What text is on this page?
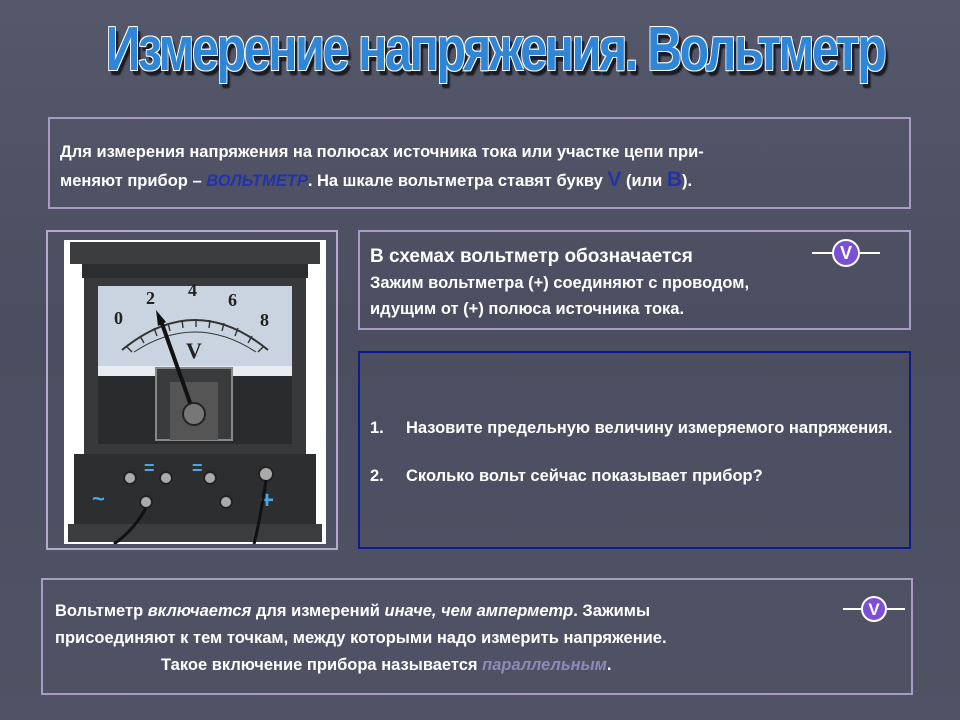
Измерение напряжения. Вольтметр
Для измерения напряжения на полюсах источника тока или участке цепи при-
меняют прибор – ВОЛЬТМЕТР. На шкале вольтметра ставят букву V (или В).
0
2 4 6
8
V
= =
~	+
В схемах вольтметр обозначается
Зажим вольтметра (+) соединяют с проводом,
идущим от (+) полюса источника тока.
V
1. Назовите предельную величину измеряемого напряжения.
2. Сколько вольт сейчас показывает прибор?
Вольтметр включается для измерений иначе, чем амперметр. Зажимы
присоединяют к тем точкам, между которыми надо измерить напряжение.

Такое включение прибора называется параллельным.
V
